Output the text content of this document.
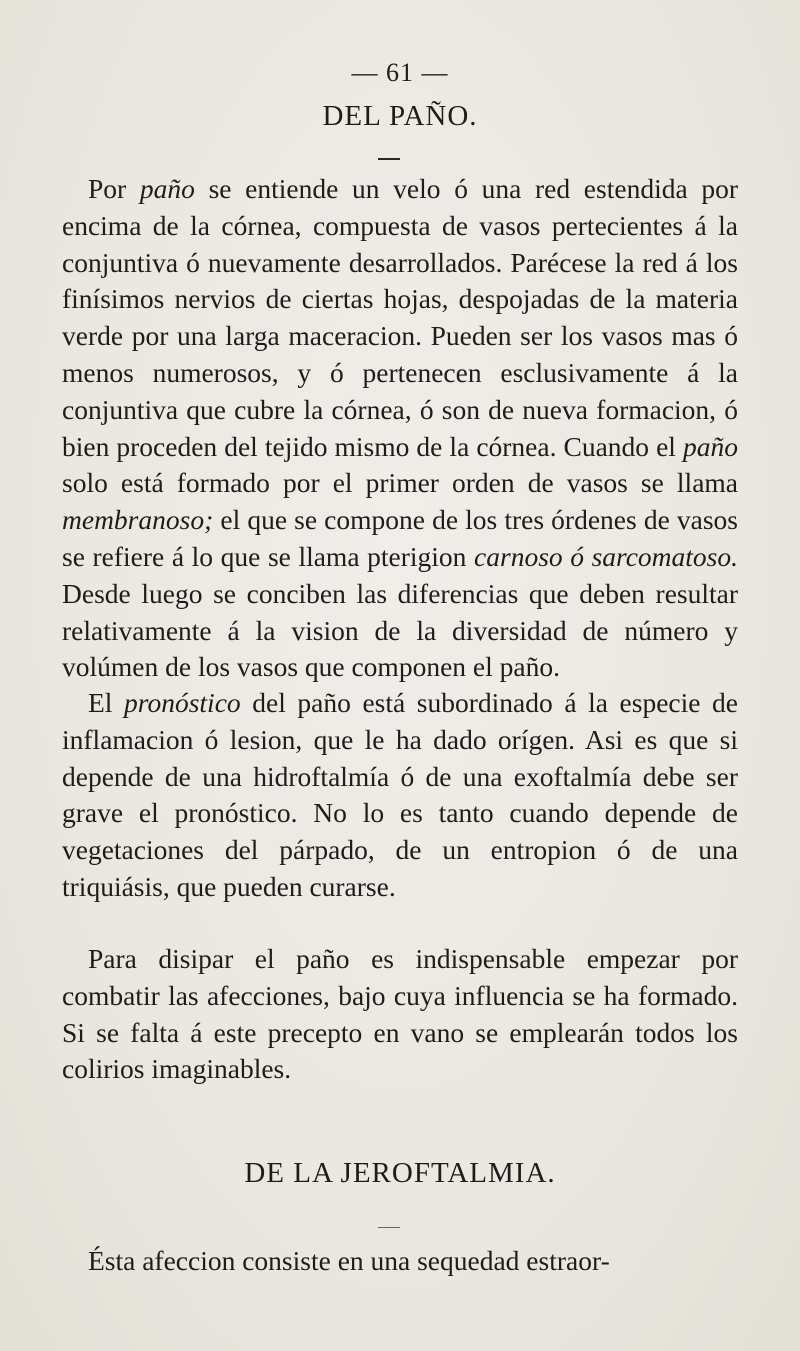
— 61 —
DEL PAÑO.

Por paño se entiende un velo ó una red estendida por encima de la córnea, compuesta de vasos pertecientes á la conjuntiva ó nuevamente desarrollados. Parécese la red á los finísimos nervios de ciertas hojas, despojadas de la materia verde por una larga maceracion. Pueden ser los vasos mas ó menos numerosos, y ó pertenecen esclusivamente á la conjuntiva que cubre la córnea, ó son de nueva formacion, ó bien proceden del tejido mismo de la córnea. Cuando el paño solo está formado por el primer orden de vasos se llama membranoso; el que se compone de los tres órdenes de vasos se refiere á lo que se llama pterigion carnoso ó sarcomatoso. Desde luego se conciben las diferencias que deben resultar relativamente á la vision de la diversidad de número y volúmen de los vasos que componen el paño.

El pronóstico del paño está subordinado á la especie de inflamacion ó lesion, que le ha dado orígen. Asi es que si depende de una hidroftalmía ó de una exoftalmía debe ser grave el pronóstico. No lo es tanto cuando depende de vegetaciones del párpado, de un entropion ó de una triquiásis, que pueden curarse.

Para disipar el paño es indispensable empezar por combatir las afecciones, bajo cuya influencia se ha formado. Si se falta á este precepto en vano se emplearán todos los colirios imaginables.

DE LA JEROFTALMIA.

Ésta afeccion consiste en una sequedad estraor-
